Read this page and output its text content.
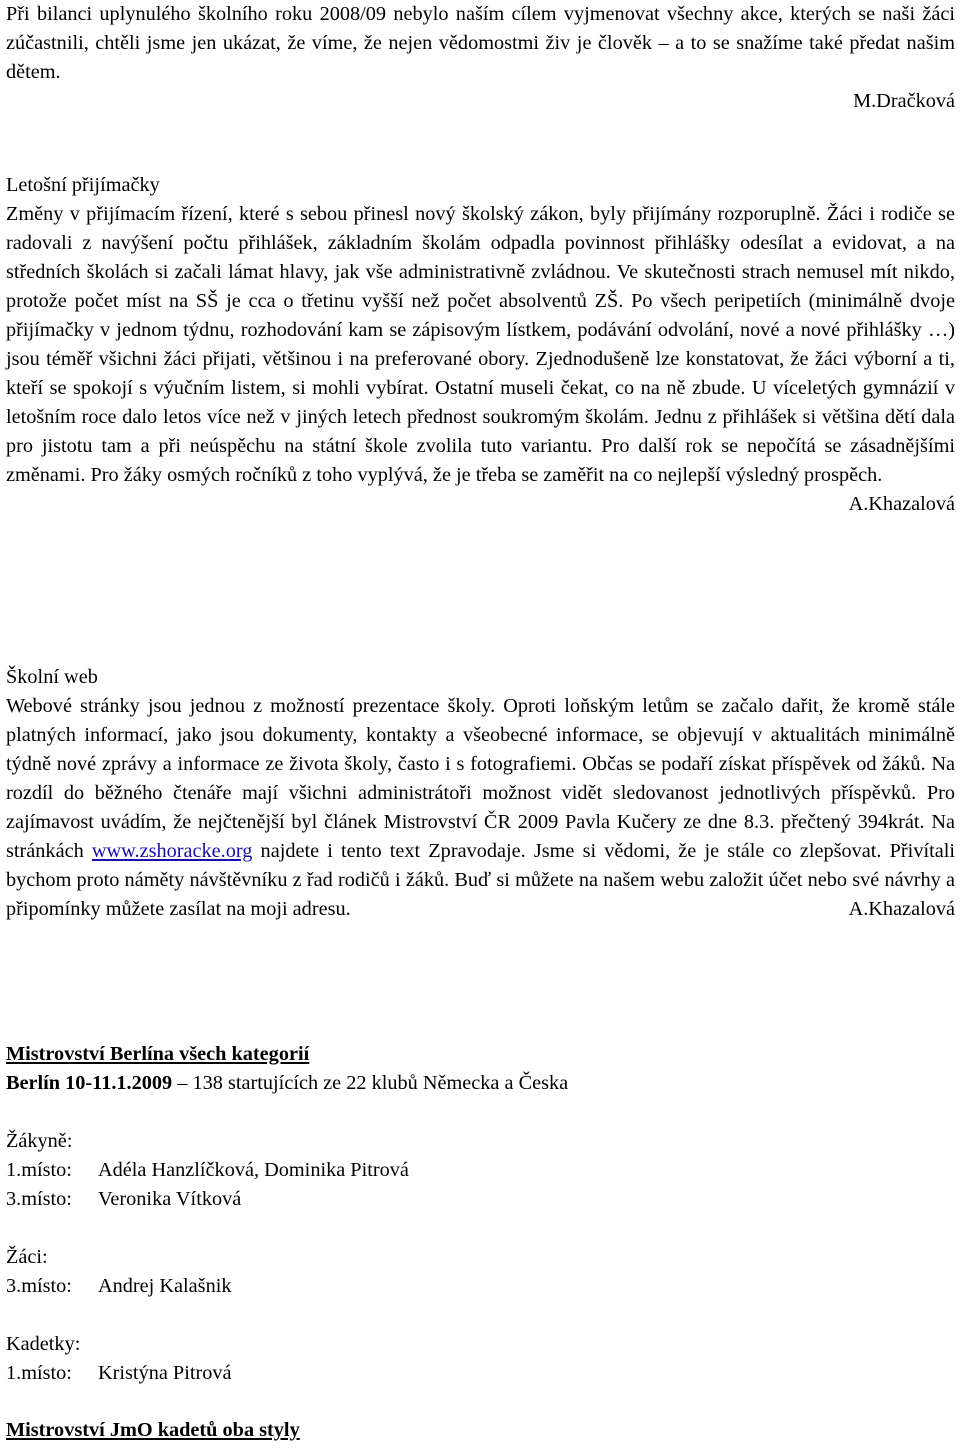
Při bilanci uplynulého školního roku 2008/09 nebylo naším cílem vyjmenovat všechny akce, kterých se naši žáci zúčastnili, chtěli jsme jen ukázat, že víme, že nejen vědomostmi živ je člověk – a to se snažíme také předat našim dětem.

M.Dračková

Letošní přijímačky

Změny v přijímacím řízení, které s sebou přinesl nový školský zákon, byly přijímány rozporuplně. Žáci i rodiče se radovali z navýšení počtu přihlášek, základním školám odpadla povinnost přihlášky odesílat a evidovat, a na středních školách si začali lámat hlavy, jak vše administrativně zvládnou. Ve skutečnosti strach nemusel mít nikdo, protože počet míst na SŠ je cca o třetinu vyšší než počet absolventů ZŠ. Po všech peripetiích (minimálně dvoje přijímačky v jednom týdnu, rozhodování kam se zápisovým lístkem, podávání odvolání, nové a nové přihlášky …) jsou téměř všichni žáci přijati, většinou i na preferované obory. Zjednodušeně lze konstatovat, že žáci výborní a ti, kteří se spokojí s výučním listem, si mohli vybírat. Ostatní museli čekat, co na ně zbude. U víceletých gymnázií v letošním roce dalo letos více než v jiných letech přednost soukromým školám. Jednu z přihlášek si většina dětí dala pro jistotu tam a při neúspěchu na státní škole zvolila tuto variantu. Pro další rok se nepočítá se zásadnějšími změnami. Pro žáky osmých ročníků z toho vyplývá, že je třeba se zaměřit na co nejlepší výsledný prospěch.

A.Khazalová

Školní web

Webové stránky jsou jednou z možností prezentace školy. Oproti loňským letům se začalo dařit, že kromě stále platných informací, jako jsou dokumenty, kontakty a všeobecné informace, se objevují v aktualitách minimálně týdně nové zprávy a informace ze života školy, často i s fotografiemi. Občas se podaří získat příspěvek od žáků. Na rozdíl do běžného čtenáře mají všichni administrátoři možnost vidět sledovanost jednotlivých příspěvků. Pro zajímavost uvádím, že nejčtenější byl článek Mistrovství ČR 2009 Pavla Kučery ze dne 8.3. přečtený 394krát. Na stránkách www.zshoracke.org najdete i tento text Zpravodaje. Jsme si vědomi, že je stále co zlepšovat. Přivítali bychom proto náměty návštěvníku z řad rodičů i žáků. Buď si můžete na našem webu založit účet nebo své návrhy a připomínky můžete zasílat na moji adresu.	A.Khazalová

Mistrovství Berlína všech kategorií

Berlín 10-11.1.2009 – 138 startujících ze 22 klubů Německa a Česka

Žákyně:

1.místo: Adéla Hanzlíčková, Dominika Pitrová

3.místo: Veronika Vítková

Žáci:

3.místo: Andrej Kalašnik

Kadetky:

1.místo: Kristýna Pitrová

Mistrovství JmO kadetů oba styly
